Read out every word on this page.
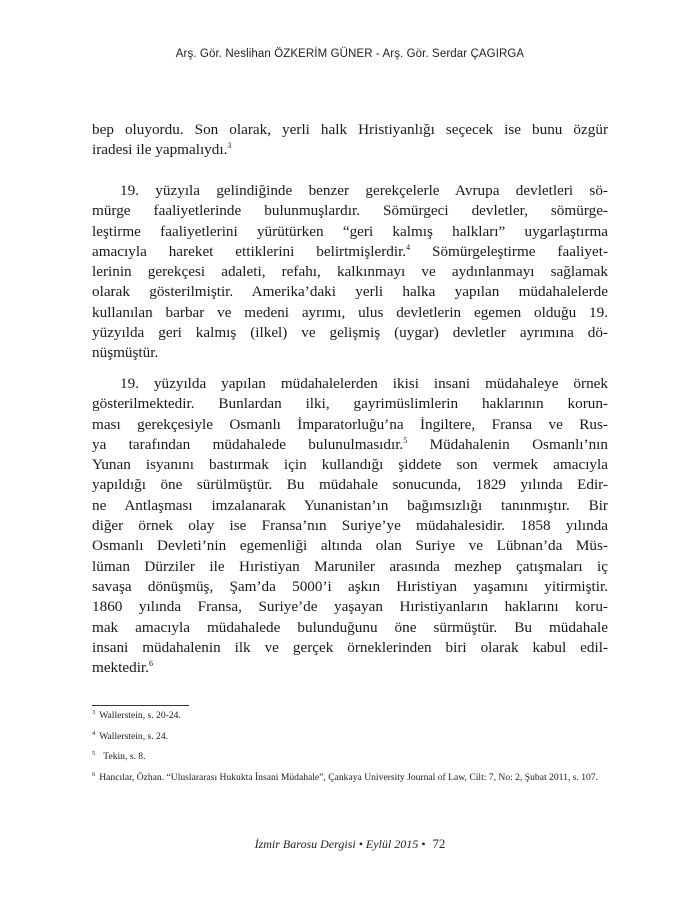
Arş. Gör. Neslihan ÖZKERİM GÜNER - Arş. Gör. Serdar ÇAGIRGA
bep oluyordu. Son olarak, yerli halk Hristiyanlığı seçecek ise bunu özgür
iradesi ile yapmalıydı.$^3$
19. yüzyıla gelindiğinde benzer gerekçelerle Avrupa devletleri sö-
mürge faaliyetlerinde bulunmuşlardır. Sömürgeci devletler, sömürge-
leştirme faaliyetlerini yürütürken “geri kalmış halkları” uygarlaştırma
amacıyla hareket ettiklerini belirtmişlerdir.$^4$ Sömürgeleştirme faaliyet-
lerinin gerekçesi adaleti, refahı, kalkınmayı ve aydınlanmayı sağlamak
olarak gösterilmiştir. Amerika’daki yerli halka yapılan müdahalelerde
kullanılan barbar ve medeni ayrımı, ulus devletlerin egemen olduğu 19.
yüzyılda geri kalmış (ilkel) ve gelişmiş (uygar) devletler ayrımına dö-
nüşmüştür.
19. yüzyılda yapılan müdahalelerden ikisi insani müdahaleye örnek
gösterilmektedir. Bunlardan ilki, gayrimüslimlerin haklarının korun-
ması gerekçesiyle Osmanlı İmparatorluğu’na İngiltere, Fransa ve Rus-
ya tarafından müdahalede bulunulmasıdır.$^5$ Müdahalenin Osmanlı’nın
Yunan isyanını bastırmak için kullandığı şiddete son vermek amacıyla
yapıldığı öne sürülmüştür. Bu müdahale sonucunda, 1829 yılında Edir-
ne Antlaşması imzalanarak Yunanistan’ın bağımsızlığı tanınmıştır. Bir
diğer örnek olay ise Fransa’nın Suriye’ye müdahalesidir. 1858 yılında
Osmanlı Devleti’nin egemenliği altında olan Suriye ve Lübnan’da Müs-
lüman Dürziler ile Hıristiyan Maruniler arasında mezhep çatışmaları iç
savaşa dönüşmüş, Şam’da 5000’i aşkın Hıristiyan yaşamını yitirmiştir.
1860 yılında Fransa, Suriye’de yaşayan Hıristiyanların haklarını koru-
mak amacıyla müdahalede bulunduğunu öne sürmüştür. Bu müdahale
insani müdahalenin ilk ve gerçek örneklerinden biri olarak kabul edil-
mektedir.$^6$
$^3$ Wallerstein, s. 20-24.
$^4$ Wallerstein, s. 24.
$^5$ Tekin, s. 8.
$^6$ Hancılar, Özhan. “Uluslararası Hukukta İnsani Müdahale”, Çankaya University Journal of Law, Cilt: 7, No: 2, Şubat 2011, s. 107.
İzmir Barosu Dergisi • Eylül 2015 • 72
